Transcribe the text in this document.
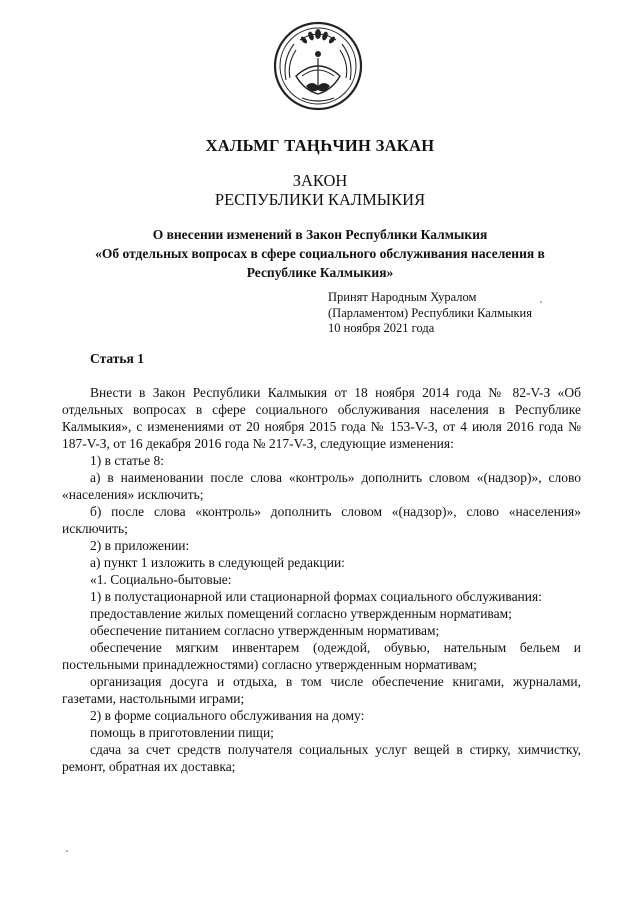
ХАЛЬМГ ТАҢҺЧИН ЗАКАН
ЗАКОН
РЕСПУБЛИКИ КАЛМЫКИЯ
О внесении изменений в Закон Республики Калмыкия
«Об отдельных вопросах в сфере социального обслуживания населения в
Республике Калмыкия»
Принят Народным Хуралом
(Парламентом) Республики Калмыкия
10 ноября 2021 года
Статья 1

Внести в Закон Республики Калмыкия от 18 ноября 2014 года № 82-V-З «Об отдельных вопросах в сфере социального обслуживания населения в Республике Калмыкия», с изменениями от 20 ноября 2015 года № 153-V-З, от 4 июля 2016 года № 187-V-З, от 16 декабря 2016 года № 217-V-З, следующие изменения:

1) в статье 8:

а) в наименовании после слова «контроль» дополнить словом «(надзор)», слово «населения» исключить;

б) после слова «контроль» дополнить словом «(надзор)», слово «населения» исключить;

2) в приложении:

а) пункт 1 изложить в следующей редакции:

«1. Социально-бытовые:

1) в полустационарной или стационарной формах социального обслуживания:

предоставление жилых помещений согласно утвержденным нормативам;

обеспечение питанием согласно утвержденным нормативам;

обеспечение мягким инвентарем (одеждой, обувью, нательным бельем и постельными принадлежностями) согласно утвержденным нормативам;

организация досуга и отдыха, в том числе обеспечение книгами, журналами, газетами, настольными играми;

2) в форме социального обслуживания на дому:

помощь в приготовлении пищи;

сдача за счет средств получателя социальных услуг вещей в стирку, химчистку, ремонт, обратная их доставка;
